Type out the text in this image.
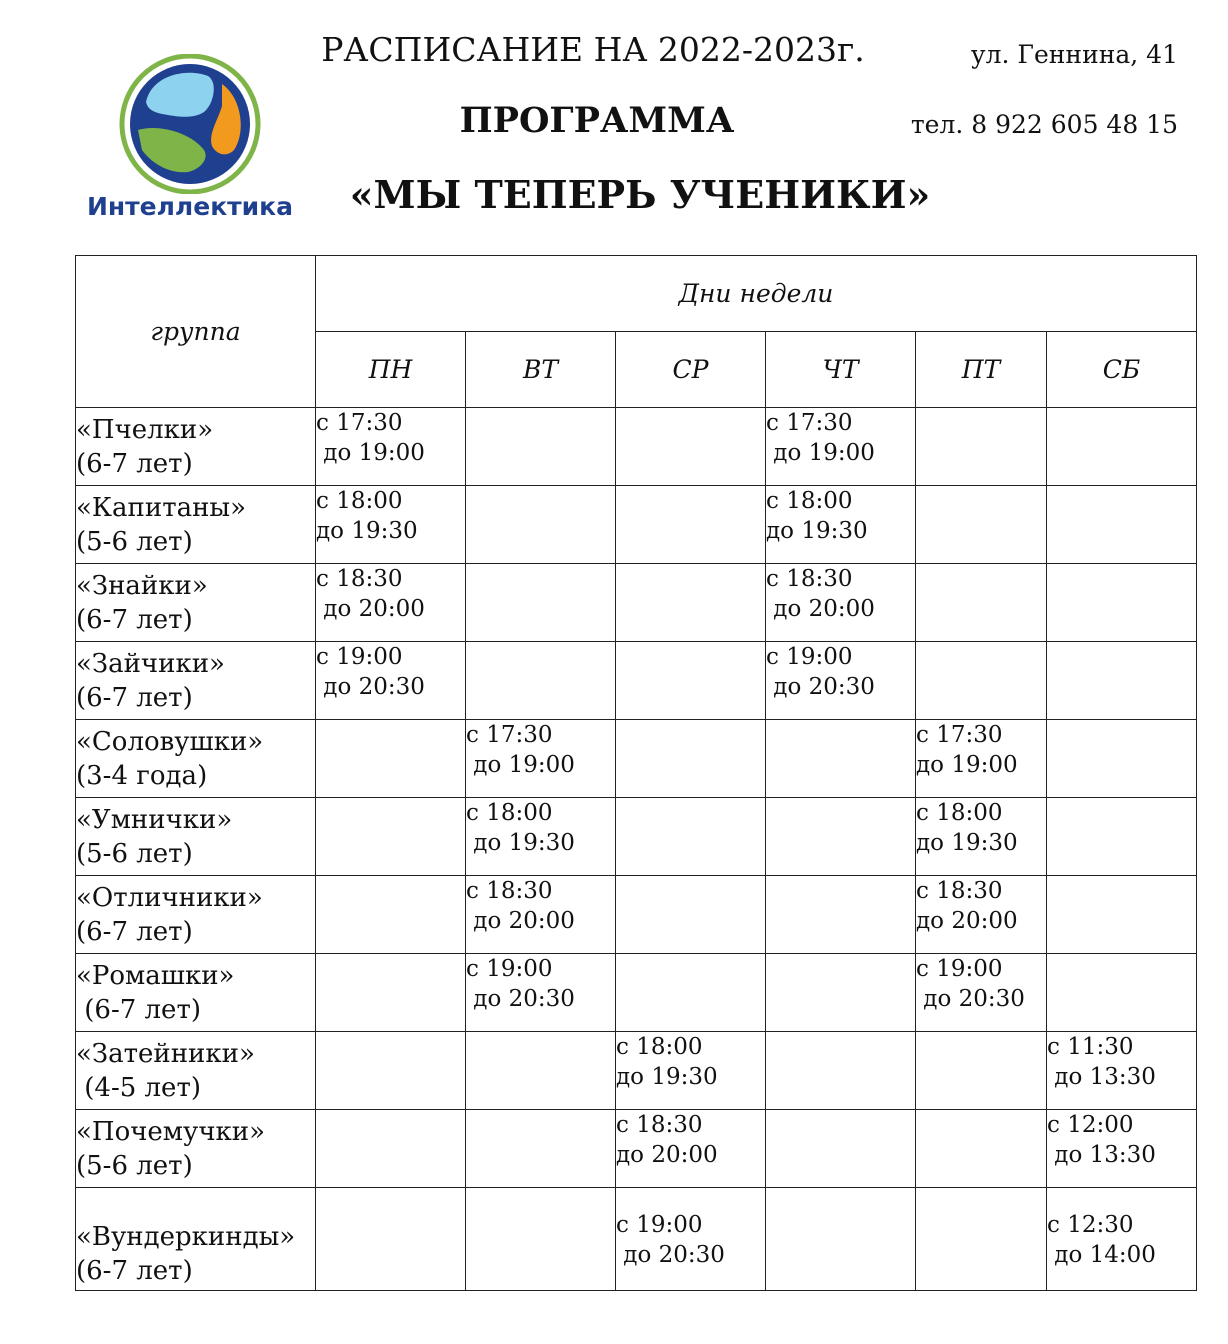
Интеллектика
РАСПИСАНИЕ НА 2022-2023г.
ПРОГРАММА
«МЫ ТЕПЕРЬ УЧЕНИКИ»
ул. Геннина, 41
тел. 8 922 605 48 15
группа	Дни недели					
	ПН	ВТ	СР	ЧТ	ПТ	СБ

«Пчелки»
(6-7 лет)	с 17:30
до 19:00			с 17:30
до 19:00		

«Капитаны»
(5-6 лет)	с 18:00
до 19:30			с 18:00
до 19:30		

«Знайки»
(6-7 лет)	с 18:30
до 20:00			с 18:30
до 20:00		

«Зайчики»
(6-7 лет)	с 19:00
до 20:30			с 19:00
до 20:30		

«Соловушки»
(3-4 года)		с 17:30
до 19:00			с 17:30
до 19:00	

«Умнички»
(5-6 лет)		с 18:00
до 19:30			с 18:00
до 19:30	

«Отличники»
(6-7 лет)		с 18:30
до 20:00			с 18:30
до 20:00	

«Ромашки»
(6-7 лет)		с 19:00
до 20:30			с 19:00
до 20:30	

«Затейники»
(4-5 лет)			с 18:00
до 19:30			с 11:30
до 13:30

«Почемучки»
(5-6 лет)			с 18:30
до 20:00			с 12:00
до 13:30

«Вундеркинды»
(6-7 лет)			с 19:00
до 20:30			с 12:30
до 14:00
